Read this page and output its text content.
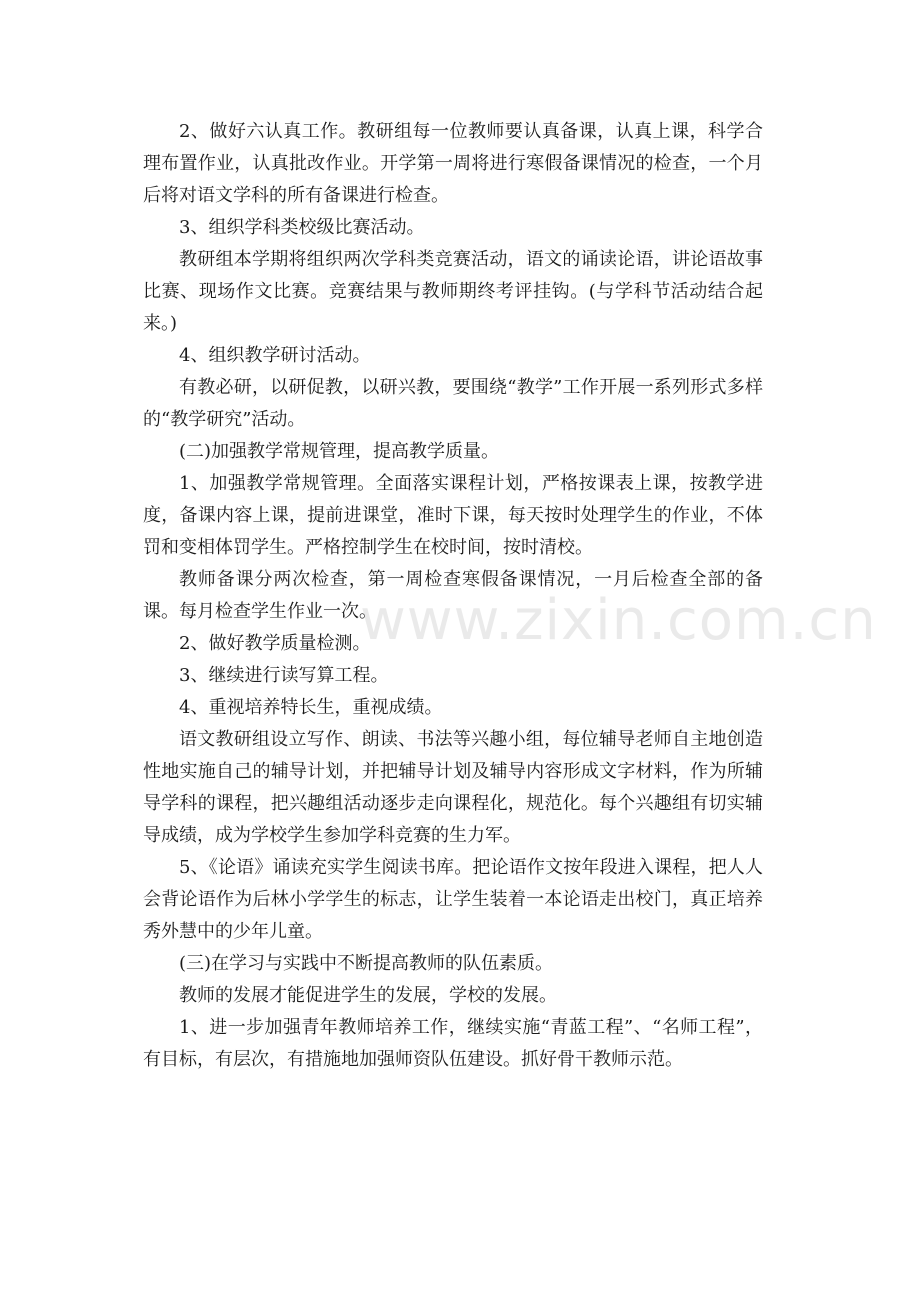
2、做好六认真工作。教研组每一位教师要认真备课，认真上课，科学合理布置作业，认真批改作业。开学第一周将进行寒假备课情况的检查，一个月后将对语文学科的所有备课进行检查。

3、组织学科类校级比赛活动。

教研组本学期将组织两次学科类竞赛活动，语文的诵读论语，讲论语故事比赛、现场作文比赛。竞赛结果与教师期终考评挂钩。(与学科节活动结合起来。)

4、组织教学研讨活动。

有教必研，以研促教，以研兴教，要围绕“教学”工作开展一系列形式多样的“教学研究”活动。

(二)加强教学常规管理，提高教学质量。

1、加强教学常规管理。全面落实课程计划，严格按课表上课，按教学进度，备课内容上课，提前进课堂，准时下课，每天按时处理学生的作业，不体罚和变相体罚学生。严格控制学生在校时间，按时清校。

教师备课分两次检查，第一周检查寒假备课情况，一月后检查全部的备课。每月检查学生作业一次。

2、做好教学质量检测。

3、继续进行读写算工程。

4、重视培养特长生，重视成绩。

语文教研组设立写作、朗读、书法等兴趣小组，每位辅导老师自主地创造性地实施自己的辅导计划，并把辅导计划及辅导内容形成文字材料，作为所辅导学科的课程，把兴趣组活动逐步走向课程化，规范化。每个兴趣组有切实辅导成绩，成为学校学生参加学科竞赛的生力军。

5、《论语》诵读充实学生阅读书库。把论语作文按年段进入课程，把人人会背论语作为后林小学学生的标志，让学生装着一本论语走出校门，真正培养秀外慧中的少年儿童。

(三)在学习与实践中不断提高教师的队伍素质。

教师的发展才能促进学生的发展，学校的发展。

1、进一步加强青年教师培养工作，继续实施“青蓝工程”、“名师工程”，有目标，有层次，有措施地加强师资队伍建设。抓好骨干教师示范。

www.zixin.com.cn
